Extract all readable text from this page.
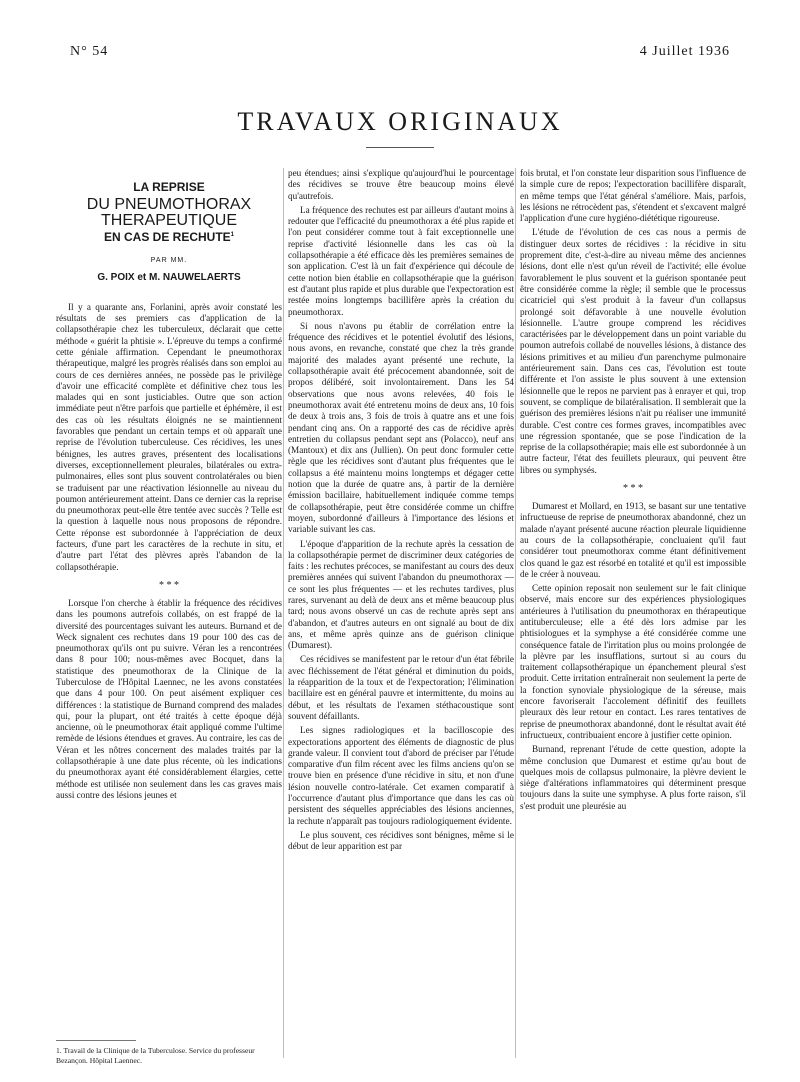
N° 54	4 Juillet 1936
TRAVAUX ORIGINAUX
LA REPRISE
DU PNEUMOTHORAX
THERAPEUTIQUE
EN CAS DE RECHUTE$^1$
PAR MM.
G. POIX et M. NAUWELAERTS

Il y a quarante ans, Forlanini, après avoir constaté les résultats de ses premiers cas d'application de la collapsothérapie chez les tuberculeux, déclarait que cette méthode « guérit la phtisie ». L'épreuve du temps a confirmé cette géniale affirmation. Cependant le pneumothorax thérapeutique, malgré les progrès réalisés dans son emploi au cours de ces dernières années, ne possède pas le privilège d'avoir une efficacité complète et définitive chez tous les malades qui en sont justiciables. Outre que son action immédiate peut n'être parfois que partielle et éphémère, il est des cas où les résultats éloignés ne se maintiennent favorables que pendant un certain temps et où apparaît une reprise de l'évolution tuberculeuse. Ces récidives, les unes bénignes, les autres graves, présentent des localisations diverses, exceptionnellement pleurales, bilatérales ou extra-pulmonaires, elles sont plus souvent controlatérales ou bien se traduisent par une réactivation lésionnelle au niveau du poumon antérieurement atteint. Dans ce dernier cas la reprise du pneumothorax peut-elle être tentée avec succès ? Telle est la question à laquelle nous nous proposons de répondre. Cette réponse est subordonnée à l'appréciation de deux facteurs, d'une part les caractères de la rechute in situ, et d'autre part l'état des plèvres après l'abandon de la collapsothérapie.

* * *

Lorsque l'on cherche à établir la fréquence des récidives dans les poumons autrefois collabés, on est frappé de la diversité des pourcentages suivant les auteurs. Burnand et de Weck signalent ces rechutes dans 19 pour 100 des cas de pneumothorax qu'ils ont pu suivre. Véran les a rencontrées dans 8 pour 100; nous-mêmes avec Bocquet, dans la statistique des pneumothorax de la Clinique de la Tuberculose de l'Hôpital Laennec, ne les avons constatées que dans 4 pour 100. On peut aisément expliquer ces différences : la statistique de Burnand comprend des malades qui, pour la plupart, ont été traités à cette époque déjà ancienne, où le pneumothorax était appliqué comme l'ultime remède de lésions étendues et graves. Au contraire, les cas de Véran et les nôtres concernent des malades traités par la collapsothérapie à une date plus récente, où les indications du pneumothorax ayant été considérablement élargies, cette méthode est utilisée non seulement dans les cas graves mais aussi contre des lésions jeunes et

peu étendues; ainsi s'explique qu'aujourd'hui le pourcentage des récidives se trouve être beaucoup moins élevé qu'autrefois.

La fréquence des rechutes est par ailleurs d'autant moins à redouter que l'efficacité du pneumothorax a été plus rapide et l'on peut considérer comme tout à fait exceptionnelle une reprise d'activité lésionnelle dans les cas où la collapsothérapie a été efficace dès les premières semaines de son application. C'est là un fait d'expérience qui découle de cette notion bien établie en collapsothérapie que la guérison est d'autant plus rapide et plus durable que l'expectoration est restée moins longtemps bacillifère après la création du pneumothorax.

Si nous n'avons pu établir de corrélation entre la fréquence des récidives et le potentiel évolutif des lésions, nous avons, en revanche, constaté que chez la très grande majorité des malades ayant présenté une rechute, la collapsothérapie avait été précocement abandonnée, soit de propos délibéré, soit involontairement. Dans les 54 observations que nous avons relevées, 40 fois le pneumothorax avait été entretenu moins de deux ans, 10 fois de deux à trois ans, 3 fois de trois à quatre ans et une fois pendant cinq ans. On a rapporté des cas de récidive après entretien du collapsus pendant sept ans (Polacco), neuf ans (Mantoux) et dix ans (Jullien). On peut donc formuler cette règle que les récidives sont d'autant plus fréquentes que le collapsus a été maintenu moins longtemps et dégager cette notion que la durée de quatre ans, à partir de la dernière émission bacillaire, habituellement indiquée comme temps de collapsothérapie, peut être considérée comme un chiffre moyen, subordonné d'ailleurs à l'importance des lésions et variable suivant les cas.

L'époque d'apparition de la rechute après la cessation de la collapsothérapie permet de discriminer deux catégories de faits : les rechutes précoces, se manifestant au cours des deux premières années qui suivent l'abandon du pneumothorax — ce sont les plus fréquentes — et les rechutes tardives, plus rares, survenant au delà de deux ans et même beaucoup plus tard; nous avons observé un cas de rechute après sept ans d'abandon, et d'autres auteurs en ont signalé au bout de dix ans, et même après quinze ans de guérison clinique (Dumarest).

Ces récidives se manifestent par le retour d'un état fébrile avec fléchissement de l'état général et diminution du poids, la réapparition de la toux et de l'expectoration; l'élimination bacillaire est en général pauvre et intermittente, du moins au début, et les résultats de l'examen stéthacoustique sont souvent défaillants.

Les signes radiologiques et la bacilloscopie des expectorations apportent des éléments de diagnostic de plus grande valeur. Il convient tout d'abord de préciser par l'étude comparative d'un film récent avec les films anciens qu'on se trouve bien en présence d'une récidive in situ, et non d'une lésion nouvelle contro-latérale. Cet examen comparatif à l'occurrence d'autant plus d'importance que dans les cas où persistent des séquelles appréciables des lésions anciennes, la rechute n'apparaît pas toujours radiologiquement évidente.

Le plus souvent, ces récidives sont bénignes, même si le début de leur apparition est par

fois brutal, et l'on constate leur disparition sous l'influence de la simple cure de repos; l'expectoration bacillifère disparaît, en même temps que l'état général s'améliore. Mais, parfois, les lésions ne rétrocèdent pas, s'étendent et s'excavent malgré l'application d'une cure hygiéno-diététique rigoureuse.

L'étude de l'évolution de ces cas nous a permis de distinguer deux sortes de récidives : la récidive in situ proprement dite, c'est-à-dire au niveau même des anciennes lésions, dont elle n'est qu'un réveil de l'activité; elle évolue favorablement le plus souvent et la guérison spontanée peut être considérée comme la règle; il semble que le processus cicatriciel qui s'est produit à la faveur d'un collapsus prolongé soit défavorable à une nouvelle évolution lésionnelle. L'autre groupe comprend les récidives caractérisées par le développement dans un point variable du poumon autrefois collabé de nouvelles lésions, à distance des lésions primitives et au milieu d'un parenchyme pulmonaire antérieurement sain. Dans ces cas, l'évolution est toute différente et l'on assiste le plus souvent à une extension lésionnelle que le repos ne parvient pas à enrayer et qui, trop souvent, se complique de bilatéralisation. Il semblerait que la guérison des premières lésions n'ait pu réaliser une immunité durable. C'est contre ces formes graves, incompatibles avec une régression spontanée, que se pose l'indication de la reprise de la collapsothérapie; mais elle est subordonnée à un autre facteur, l'état des feuillets pleuraux, qui peuvent être libres ou symphysés.

* * *

Dumarest et Mollard, en 1913, se basant sur une tentative infructueuse de reprise de pneumothorax abandonné, chez un malade n'ayant présenté aucune réaction pleurale liquidienne au cours de la collapsothérapie, concluaient qu'il faut considérer tout pneumothorax comme étant définitivement clos quand le gaz est résorbé en totalité et qu'il est impossible de le créer à nouveau.

Cette opinion reposait non seulement sur le fait clinique observé, mais encore sur des expériences physiologiques antérieures à l'utilisation du pneumothorax en thérapeutique antituberculeuse; elle a été dès lors admise par les phtisiologues et la symphyse a été considérée comme une conséquence fatale de l'irritation plus ou moins prolongée de la plèvre par les insufflations, surtout si au cours du traitement collapsothérapique un épanchement pleural s'est produit. Cette irritation entraînerait non seulement la perte de la fonction synoviale physiologique de la séreuse, mais encore favoriserait l'accolement définitif des feuillets pleuraux dès leur retour en contact. Les rares tentatives de reprise de pneumothorax abandonné, dont le résultat avait été infructueux, contribuaient encore à justifier cette opinion.

Burnand, reprenant l'étude de cette question, adopte la même conclusion que Dumarest et estime qu'au bout de quelques mois de collapsus pulmonaire, la plèvre devient le siège d'altérations inflammatoires qui déterminent presque toujours dans la suite une symphyse. A plus forte raison, s'il s'est produit une pleurésie au

1. Travail de la Clinique de la Tuberculose. Service du professeur Bezançon. Hôpital Laennec.
